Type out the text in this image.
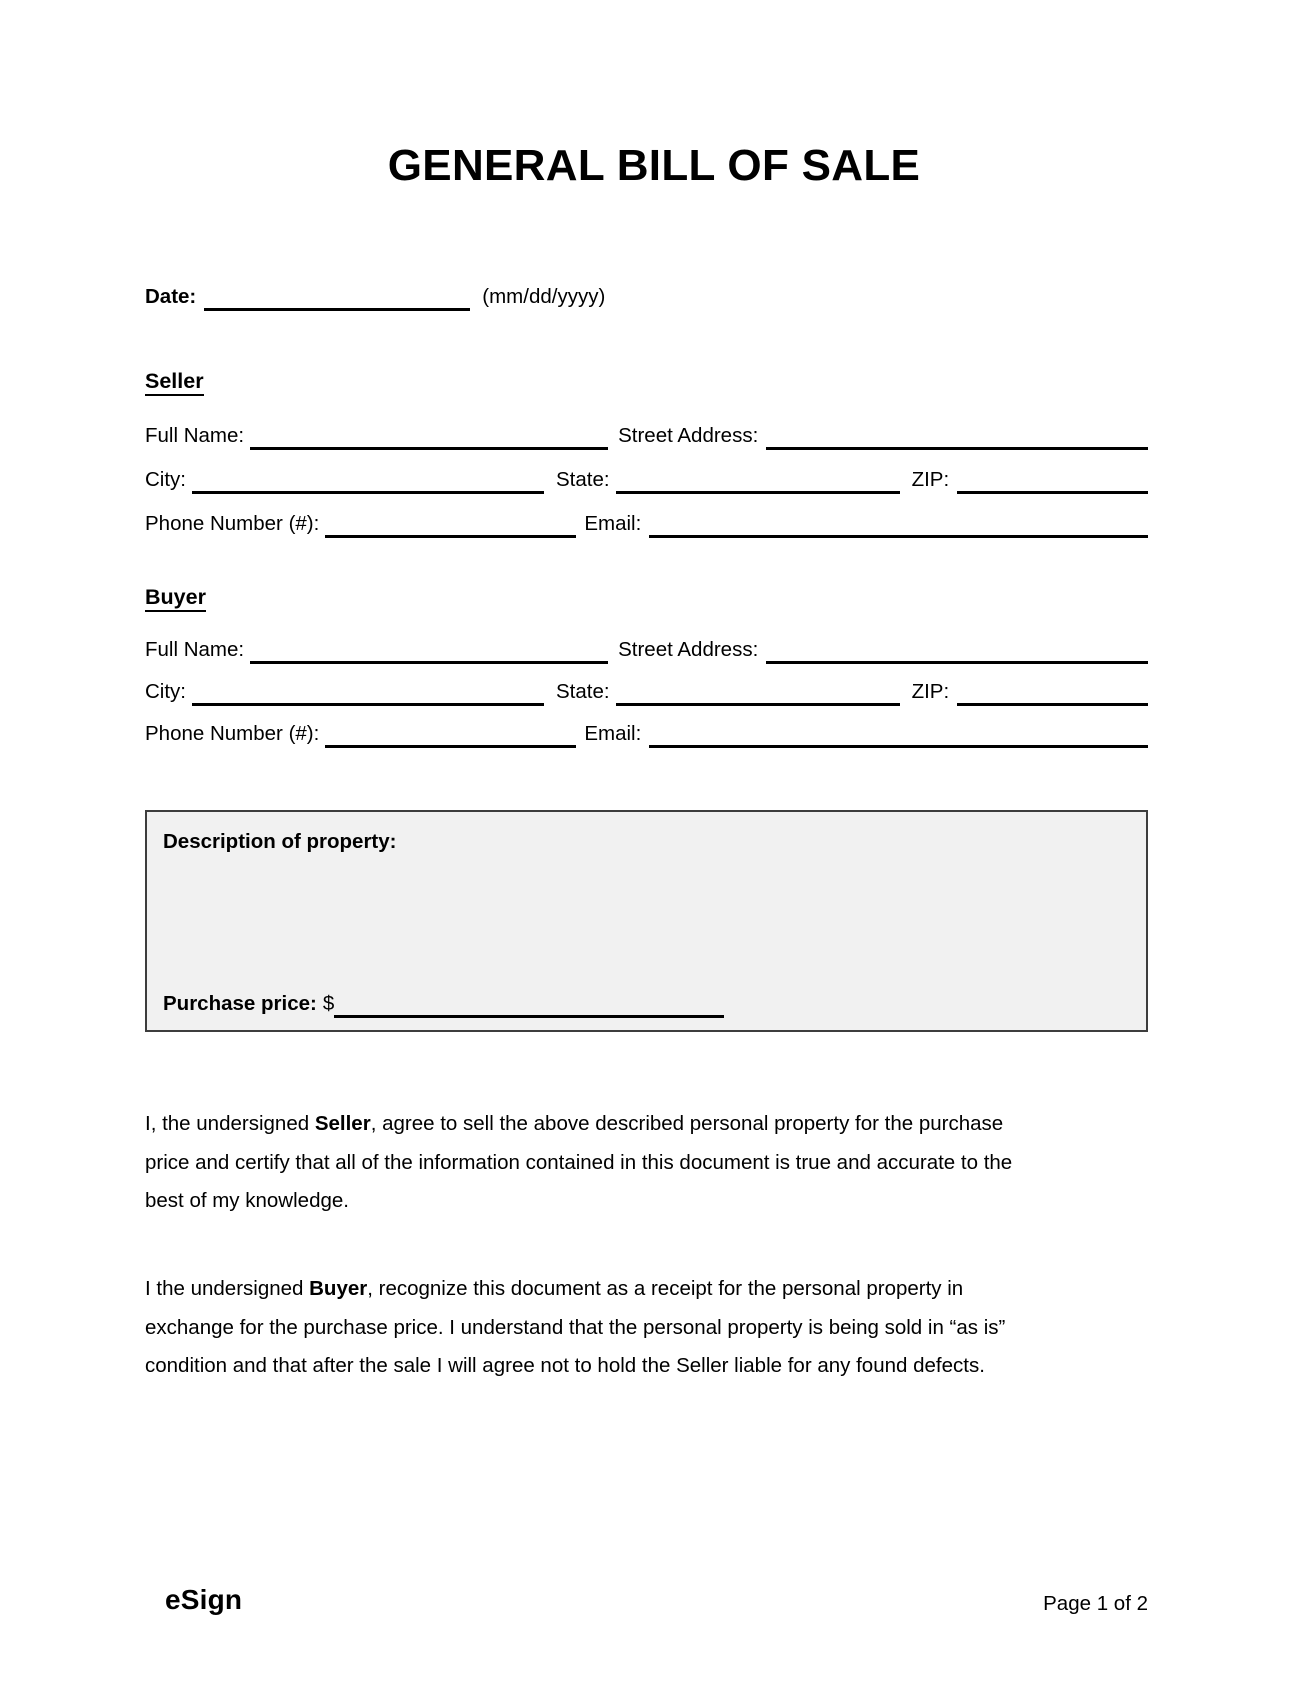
GENERAL BILL OF SALE
Date:	(mm/dd/yyyy)
Seller
Full Name:	Street Address:
City:	State:	ZIP:
Phone Number (#):	Email:
Buyer
Full Name:	Street Address:
City:	State:	ZIP:
Phone Number (#):	Email:
Description of property:
Purchase price: $
I, the undersigned Seller, agree to sell the above described personal property for the purchase
price and certify that all of the information contained in this document is true and accurate to the
best of my knowledge.
I the undersigned Buyer, recognize this document as a receipt for the personal property in
exchange for the purchase price. I understand that the personal property is being sold in “as is”
condition and that after the sale I will agree not to hold the Seller liable for any found defects.
eSign	Page 1 of 2
